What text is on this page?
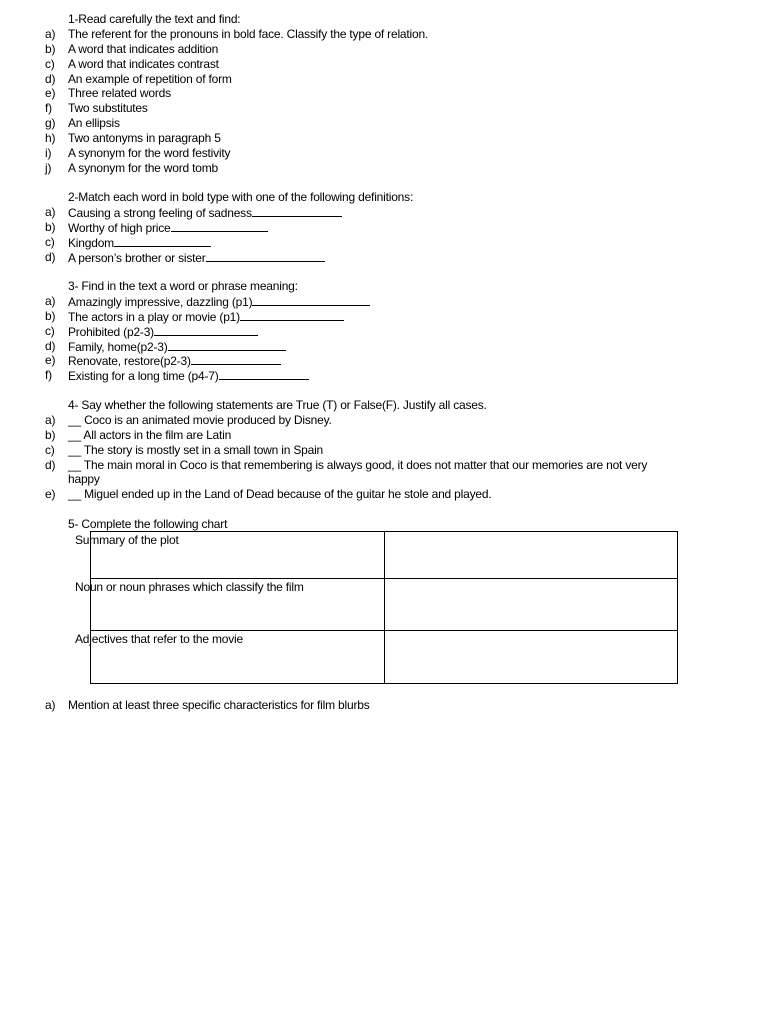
1-Read carefully the text and find:
a) The referent for the pronouns in bold face. Classify the type of relation.
b) A word that indicates addition
c) A word that indicates contrast
d) An example of repetition of form
e) Three related words
f) Two substitutes
g) An ellipsis
h) Two antonyms in paragraph 5
i) A synonym for the word festivity
j) A synonym for the word tomb
2-Match each word in bold type with one of the following definitions:
a) Causing a strong feeling of sadness
b) Worthy of high price
c) Kingdom
d) A person’s brother or sister
3- Find in the text a word or phrase meaning:
a) Amazingly impressive, dazzling (p1)
b) The actors in a play or movie (p1)
c) Prohibited (p2-3)
d) Family, home(p2-3)
e) Renovate, restore(p2-3)
f) Existing for a long time (p4-7)
4- Say whether the following statements are True (T) or False(F). Justify all cases.
a) __ Coco is an animated movie produced by Disney.
b) __ All actors in the film are Latin
c) __ The story is mostly set in a small town in Spain
d) __ The main moral in Coco is that remembering is always good, it does not matter that our memories are not very happy
e) __ Miguel ended up in the Land of Dead because of the guitar he stole and played.
5- Complete the following chart
Summary of the plot	

Noun or noun phrases which classify the film	

Adjectives that refer to the movie	

a) Mention at least three specific characteristics for film blurbs
